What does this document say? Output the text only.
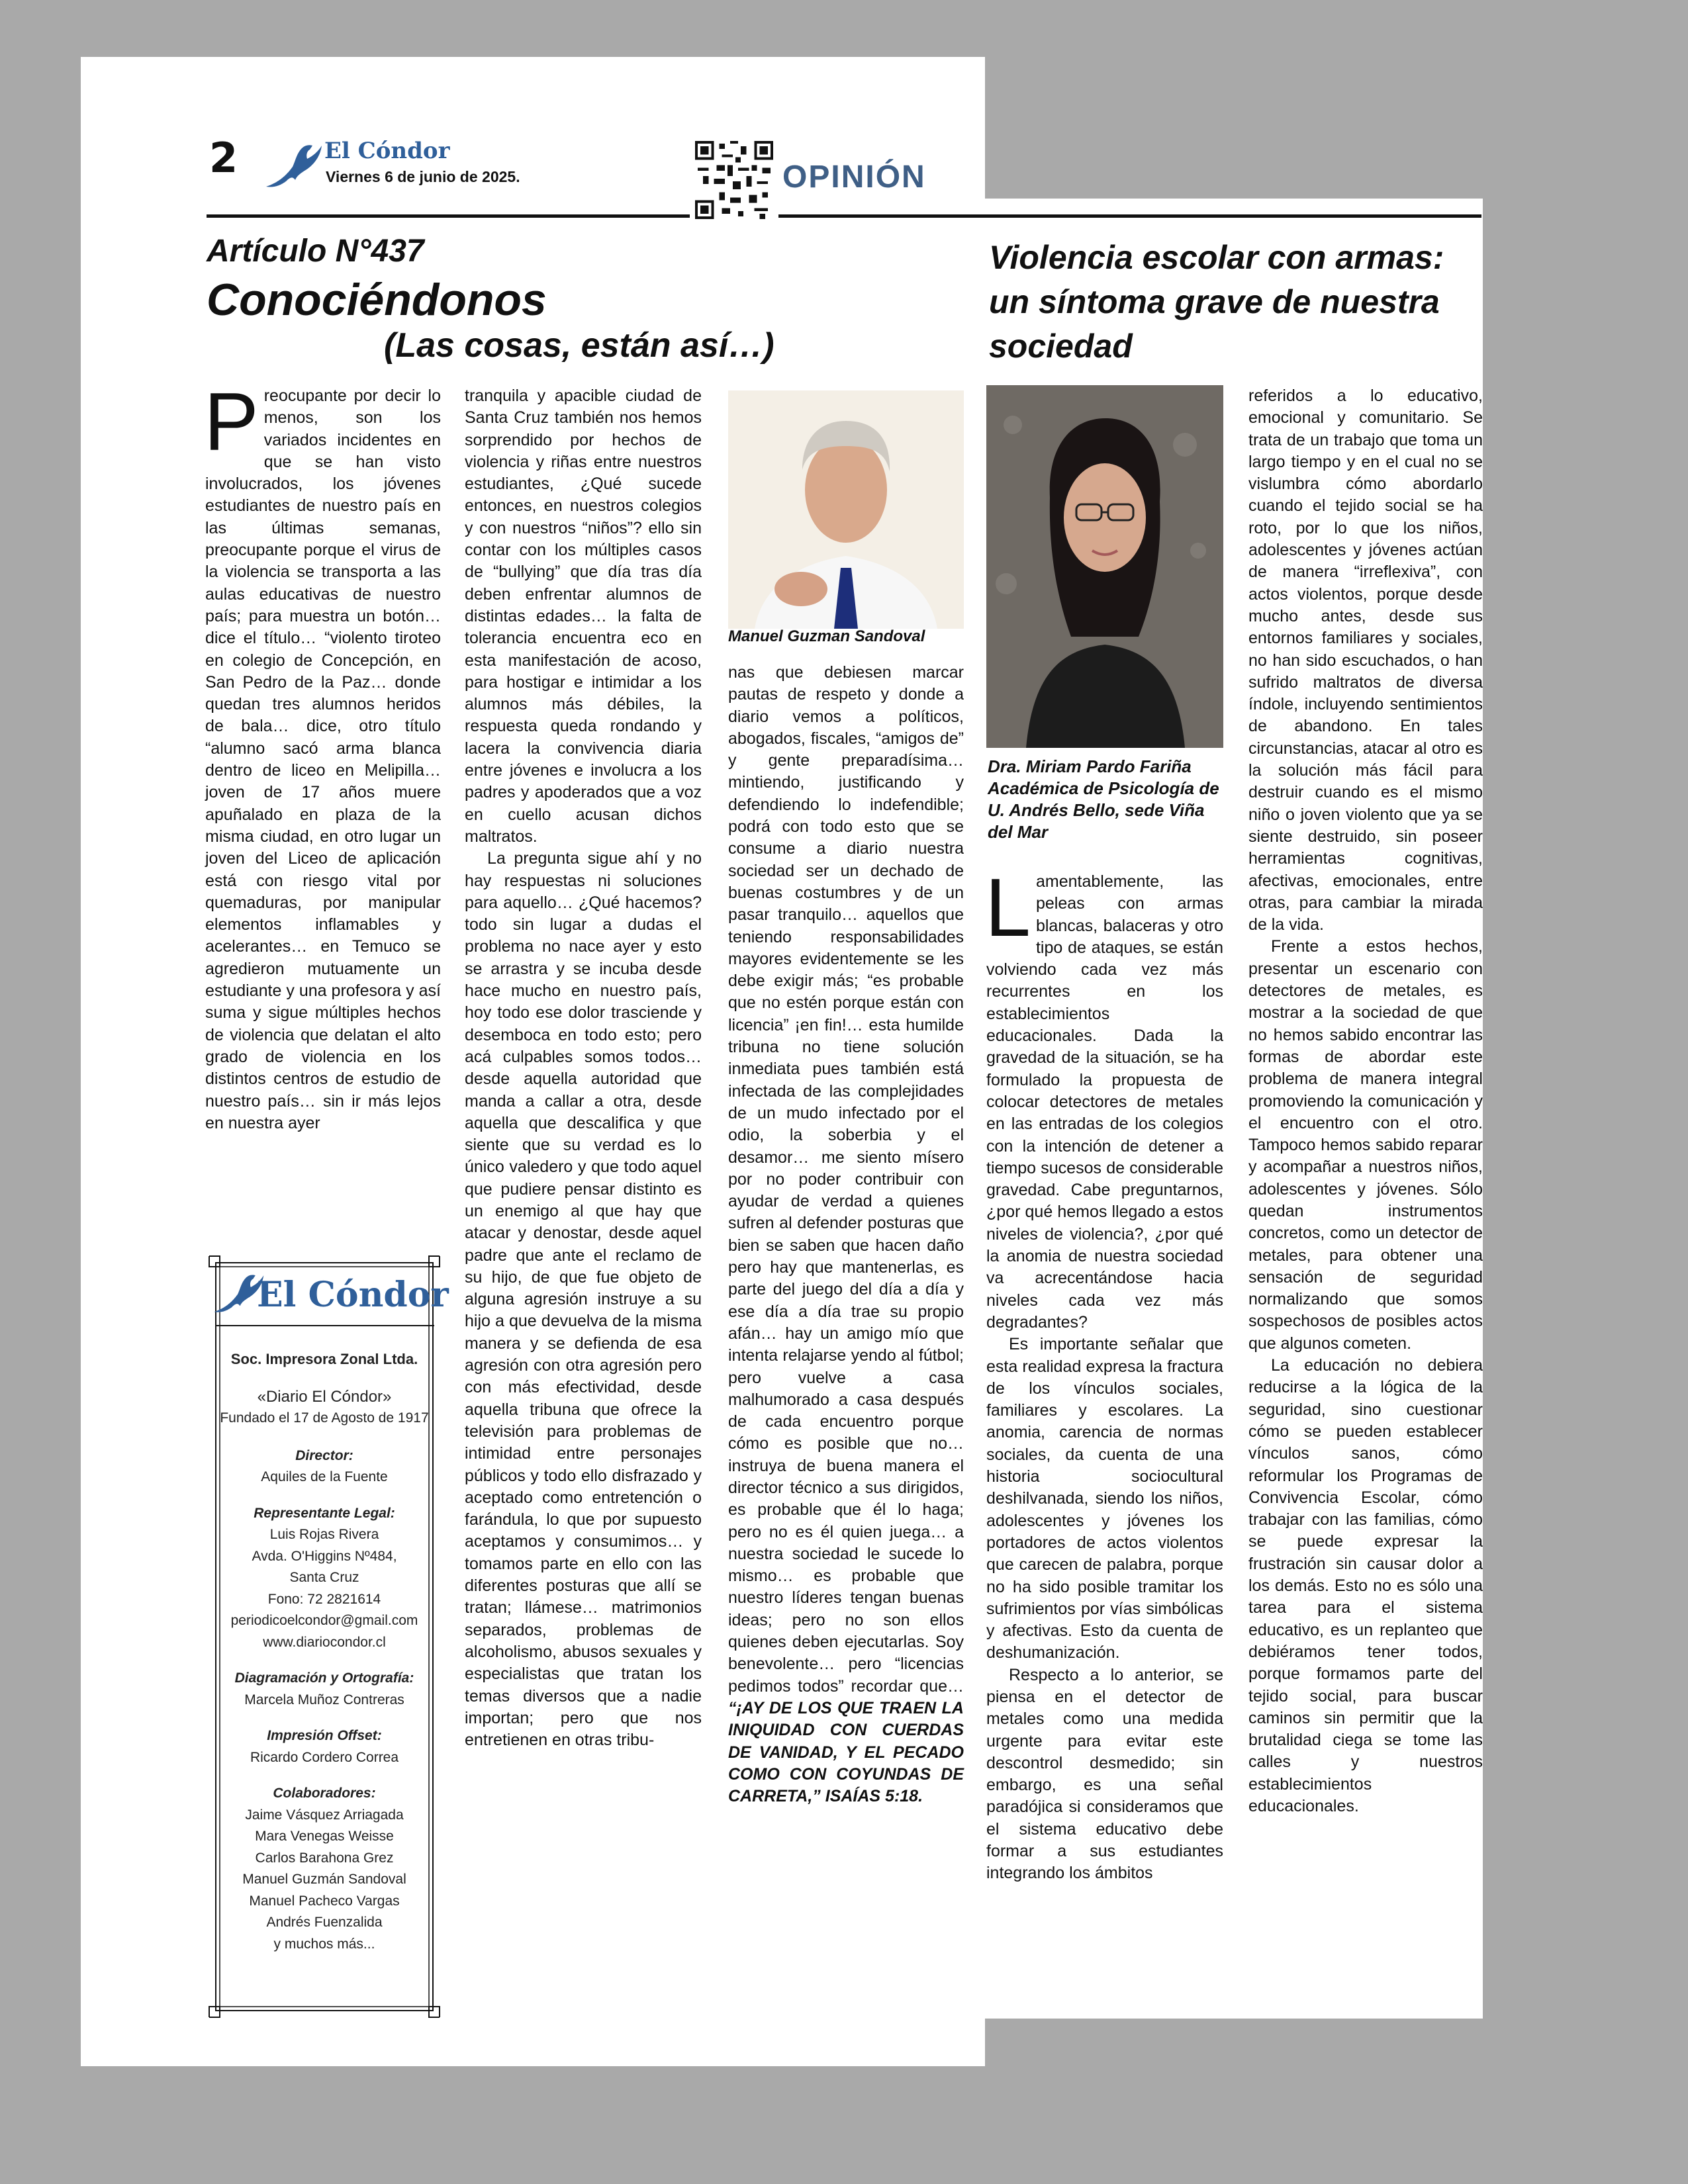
2	El Cóndor
Viernes 6 de junio de 2025.	OPINIÓN
Artículo N°437
Conociéndonos
(Las cosas, están así…)

Preocupante por decir lo menos, son los variados incidentes en que se han visto involucrados, los jóvenes estudiantes de nuestro país en las últimas semanas, preocupante porque el virus de la violencia se transporta a las aulas educativas de nuestro país; para muestra un botón… dice el título… “violento tiroteo en colegio de Concepción, en San Pedro de la Paz… donde quedan tres alumnos heridos de bala… dice, otro título “alumno sacó arma blanca dentro de liceo en Melipilla… joven de 17 años muere apuñalado en plaza de la misma ciudad, en otro lugar un joven del Liceo de aplicación está con riesgo vital por quemaduras, por manipular elementos inflamables y acelerantes… en Temuco se agredieron mutuamente un estudiante y una profesora y así suma y sigue múltiples hechos de violencia que delatan el alto grado de violencia en los distintos centros de estudio de nuestro país… sin ir más lejos en nuestra ayer

tranquila y apacible ciudad de Santa Cruz también nos hemos sorprendido por hechos de violencia y riñas entre nuestros estudiantes, ¿Qué sucede entonces, en nuestros colegios y con nuestros “niños”? ello sin contar con los múltiples casos de “bullying” que día tras día deben enfrentar alumnos de distintas edades… la falta de tolerancia encuentra eco en esta manifestación de acoso, para hostigar e intimidar a los alumnos más débiles, la respuesta queda rondando y lacera la convivencia diaria entre jóvenes e involucra a los padres y apoderados que a voz en cuello acusan dichos maltratos.

La pregunta sigue ahí y no hay respuestas ni soluciones para aquello… ¿Qué hacemos? todo sin lugar a dudas el problema no nace ayer y esto se arrastra y se incuba desde hace mucho en nuestro país, hoy todo ese dolor trasciende y desemboca en todo esto; pero acá culpables somos todos… desde aquella autoridad que manda a callar a otra, desde aquella que descalifica y que siente que su verdad es lo único valedero y que todo aquel que pudiere pensar distinto es un enemigo al que hay que atacar y denostar, desde aquel padre que ante el reclamo de su hijo, de que fue objeto de alguna agresión instruye a su hijo a que devuelva de la misma manera y se defienda de esa agresión con otra agresión pero con más efectividad, desde aquella tribuna que ofrece la televisión para problemas de intimidad entre personajes públicos y todo ello disfrazado y aceptado como entretención o farándula, lo que por supuesto aceptamos y consumimos… y tomamos parte en ello con las diferentes posturas que allí se tratan; llámese… matrimonios separados, problemas de alcoholismo, abusos sexuales y especialistas que tratan los temas diversos que a nadie importan; pero que nos entretienen en otras tribu-

Manuel Guzman Sandoval

nas que debiesen marcar pautas de respeto y donde a diario vemos a políticos, abogados, fiscales, “amigos de” y gente preparadísima… mintiendo, justificando y defendiendo lo indefendible; podrá con todo esto que se consume a diario nuestra sociedad ser un dechado de buenas costumbres y de un pasar tranquilo… aquellos que teniendo responsabilidades mayores evidentemente se les debe exigir más; “es probable que no estén porque están con licencia” ¡en fin!… esta humilde tribuna no tiene solución inmediata pues también está infectada de las complejidades de un mudo infectado por el odio, la soberbia y el desamor… me siento mísero por no poder contribuir con ayudar de verdad a quienes sufren al defender posturas que bien se saben que hacen daño pero hay que mantenerlas, es parte del juego del día a día y ese día a día trae su propio afán… hay un amigo mío que intenta relajarse yendo al fútbol; pero vuelve a casa malhumorado a casa después de cada encuentro porque cómo es posible que no… instruya de buena manera el director técnico a sus dirigidos, es probable que él lo haga; pero no es él quien juega… a nuestra sociedad le sucede lo mismo… es probable que nuestro líderes tengan buenas ideas; pero no son ellos quienes deben ejecutarlas. Soy benevolente… pero “licencias pedimos todos” recordar que… “¡AY DE LOS QUE TRAEN LA INIQUIDAD CON CUERDAS DE VANIDAD, Y EL PECADO COMO CON COYUNDAS DE CARRETA,” ISAÍAS 5:18.

El Cóndor
Soc. Impresora Zonal Ltda.
«Diario El Cóndor»
Fundado el 17 de Agosto de 1917
Director:
Aquiles de la Fuente
Representante Legal:
Luis Rojas Rivera
Avda. O'Higgins Nº484,
Santa Cruz
Fono: 72 2821614
periodicoelcondor@gmail.com
www.diariocondor.cl
Diagramación y Ortografía:
Marcela Muñoz Contreras
Impresión Offset:
Ricardo Cordero Correa
Colaboradores:
Jaime Vásquez Arriagada
Mara Venegas Weisse
Carlos Barahona Grez
Manuel Guzmán Sandoval
Manuel Pacheco Vargas
Andrés Fuenzalida
y muchos más...
Violencia escolar con armas: un síntoma grave de nuestra sociedad
Dra. Miriam Pardo Fariña Académica de Psicología de U. Andrés Bello, sede Viña del Mar

Lamentablemente, las peleas con armas blancas, balaceras y otro tipo de ataques, se están volviendo cada vez más recurrentes en los establecimientos educacionales. Dada la gravedad de la situación, se ha formulado la propuesta de colocar detectores de metales en las entradas de los colegios con la intención de detener a tiempo sucesos de considerable gravedad. Cabe preguntarnos, ¿por qué hemos llegado a estos niveles de violencia?, ¿por qué la anomia de nuestra sociedad va acrecentándose hacia niveles cada vez más degradantes?

Es importante señalar que esta realidad expresa la fractura de los vínculos sociales, familiares y escolares. La anomia, carencia de normas sociales, da cuenta de una historia sociocultural deshilvanada, siendo los niños, adolescentes y jóvenes los portadores de actos violentos que carecen de palabra, porque no ha sido posible tramitar los sufrimientos por vías simbólicas y afectivas. Esto da cuenta de deshumanización.

Respecto a lo anterior, se piensa en el detector de metales como una medida urgente para evitar este descontrol desmedido; sin embargo, es una señal paradójica si consideramos que el sistema educativo debe formar a sus estudiantes integrando los ámbitos

referidos a lo educativo, emocional y comunitario. Se trata de un trabajo que toma un largo tiempo y en el cual no se vislumbra cómo abordarlo cuando el tejido social se ha roto, por lo que los niños, adolescentes y jóvenes actúan de manera “irreflexiva”, con actos violentos, porque desde mucho antes, desde sus entornos familiares y sociales, no han sido escuchados, o han sufrido maltratos de diversa índole, incluyendo sentimientos de abandono. En tales circunstancias, atacar al otro es la solución más fácil para destruir cuando es el mismo niño o joven violento que ya se siente destruido, sin poseer herramientas cognitivas, afectivas, emocionales, entre otras, para cambiar la mirada de la vida.

Frente a estos hechos, presentar un escenario con detectores de metales, es mostrar a la sociedad de que no hemos sabido encontrar las formas de abordar este problema de manera integral promoviendo la comunicación y el encuentro con el otro. Tampoco hemos sabido reparar y acompañar a nuestros niños, adolescentes y jóvenes. Sólo quedan instrumentos concretos, como un detector de metales, para obtener una sensación de seguridad normalizando que somos sospechosos de posibles actos que algunos cometen.

La educación no debiera reducirse a la lógica de la seguridad, sino cuestionar cómo se pueden establecer vínculos sanos, cómo reformular los Programas de Convivencia Escolar, cómo trabajar con las familias, cómo se puede expresar la frustración sin causar dolor a los demás. Esto no es sólo una tarea para el sistema educativo, es un replanteo que debiéramos tener todos, porque formamos parte del tejido social, para buscar caminos sin permitir que la brutalidad ciega se tome las calles y nuestros establecimientos educacionales.
